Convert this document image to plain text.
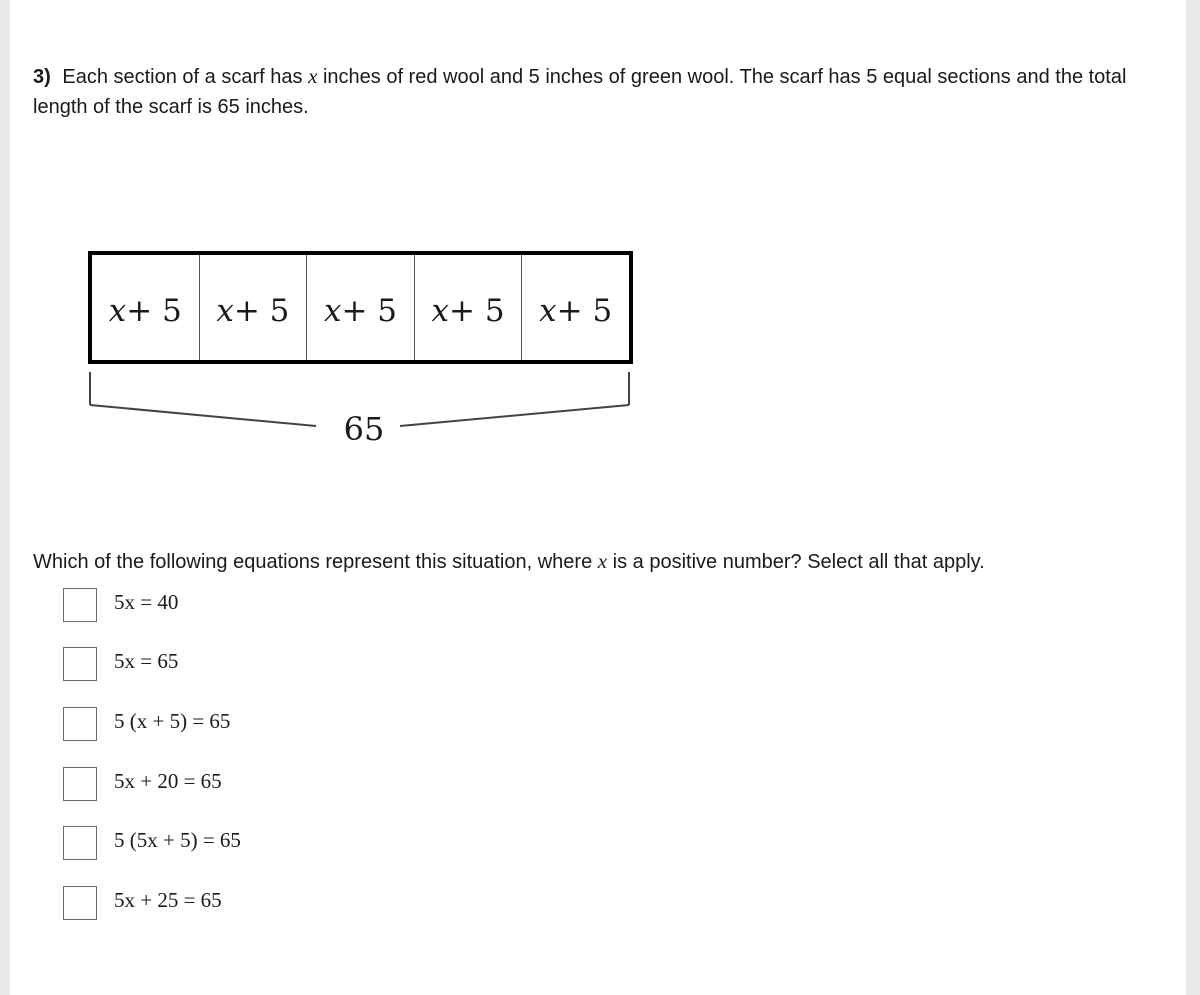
3) Each section of a scarf has x inches of red wool and 5 inches of green wool. The scarf has 5 equal sections and the total length of the scarf is 65 inches.
x + 5 x + 5 x + 5 x + 5 x + 5
65
Which of the following equations represent this situation, where x is a positive number? Select all that apply.
5x = 40
5x = 65
5 (x + 5) = 65
5x + 20 = 65
5 (5x + 5) = 65
5x + 25 = 65
